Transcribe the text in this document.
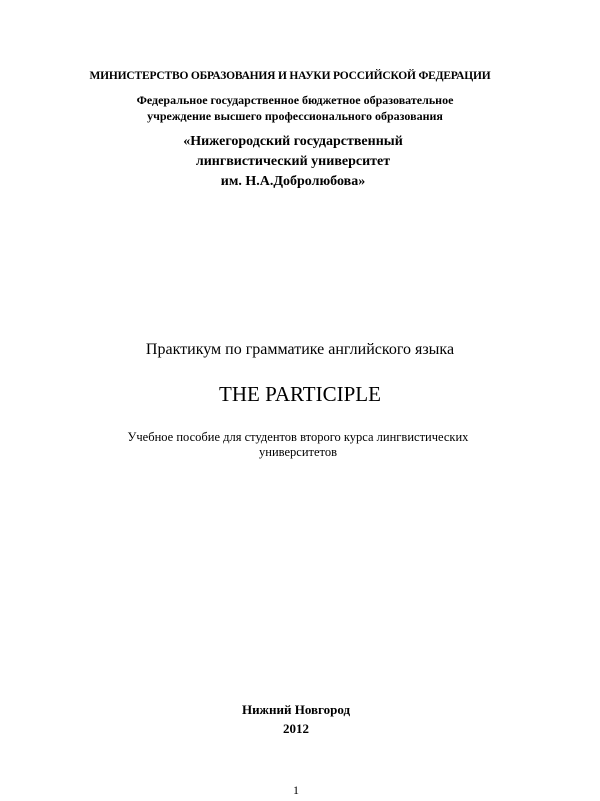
МИНИСТЕРСТВО ОБРАЗОВАНИЯ И НАУКИ РОССИЙСКОЙ ФЕДЕРАЦИИ
Федеральное государственное бюджетное образовательное
учреждение высшего профессионального образования
«Нижегородский государственный
лингвистический университет
им. Н.А.Добролюбова»
Практикум по грамматике английского языка
THE PARTICIPLE
Учебное пособие для студентов второго курса лингвистических
университетов
Нижний Новгород
2012
1
